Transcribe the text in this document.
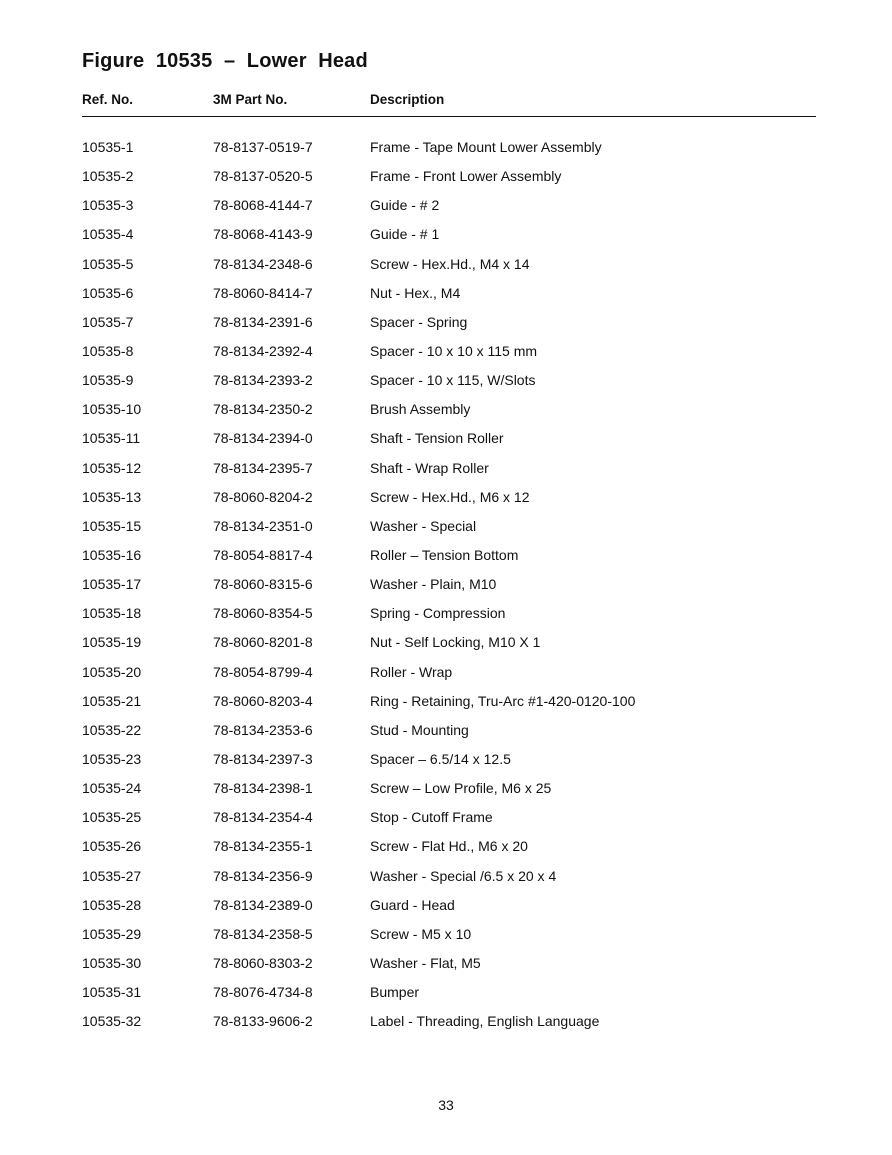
Figure  10535  –  Lower  Head
Ref. No.	3M Part No.	Description
10535-1	78-8137-0519-7	Frame - Tape Mount Lower Assembly
10535-2	78-8137-0520-5	Frame - Front Lower Assembly
10535-3	78-8068-4144-7	Guide - # 2
10535-4	78-8068-4143-9	Guide - # 1
10535-5	78-8134-2348-6	Screw - Hex.Hd., M4 x 14
10535-6	78-8060-8414-7	Nut - Hex., M4
10535-7	78-8134-2391-6	Spacer - Spring
10535-8	78-8134-2392-4	Spacer - 10 x 10 x 115 mm
10535-9	78-8134-2393-2	Spacer - 10 x 115, W/Slots
10535-10	78-8134-2350-2	Brush Assembly
10535-11	78-8134-2394-0	Shaft - Tension Roller
10535-12	78-8134-2395-7	Shaft - Wrap Roller
10535-13	78-8060-8204-2	Screw - Hex.Hd., M6 x 12
10535-15	78-8134-2351-0	Washer - Special
10535-16	78-8054-8817-4	Roller – Tension Bottom
10535-17	78-8060-8315-6	Washer - Plain, M10
10535-18	78-8060-8354-5	Spring - Compression
10535-19	78-8060-8201-8	Nut - Self Locking, M10 X 1
10535-20	78-8054-8799-4	Roller - Wrap
10535-21	78-8060-8203-4	Ring - Retaining, Tru-Arc #1-420-0120-100
10535-22	78-8134-2353-6	Stud - Mounting
10535-23	78-8134-2397-3	Spacer – 6.5/14 x 12.5
10535-24	78-8134-2398-1	Screw – Low Profile, M6 x 25
10535-25	78-8134-2354-4	Stop - Cutoff Frame
10535-26	78-8134-2355-1	Screw - Flat Hd., M6 x 20
10535-27	78-8134-2356-9	Washer - Special /6.5 x 20 x 4
10535-28	78-8134-2389-0	Guard - Head
10535-29	78-8134-2358-5	Screw - M5 x 10
10535-30	78-8060-8303-2	Washer - Flat, M5
10535-31	78-8076-4734-8	Bumper
10535-32	78-8133-9606-2	Label - Threading, English Language
33
